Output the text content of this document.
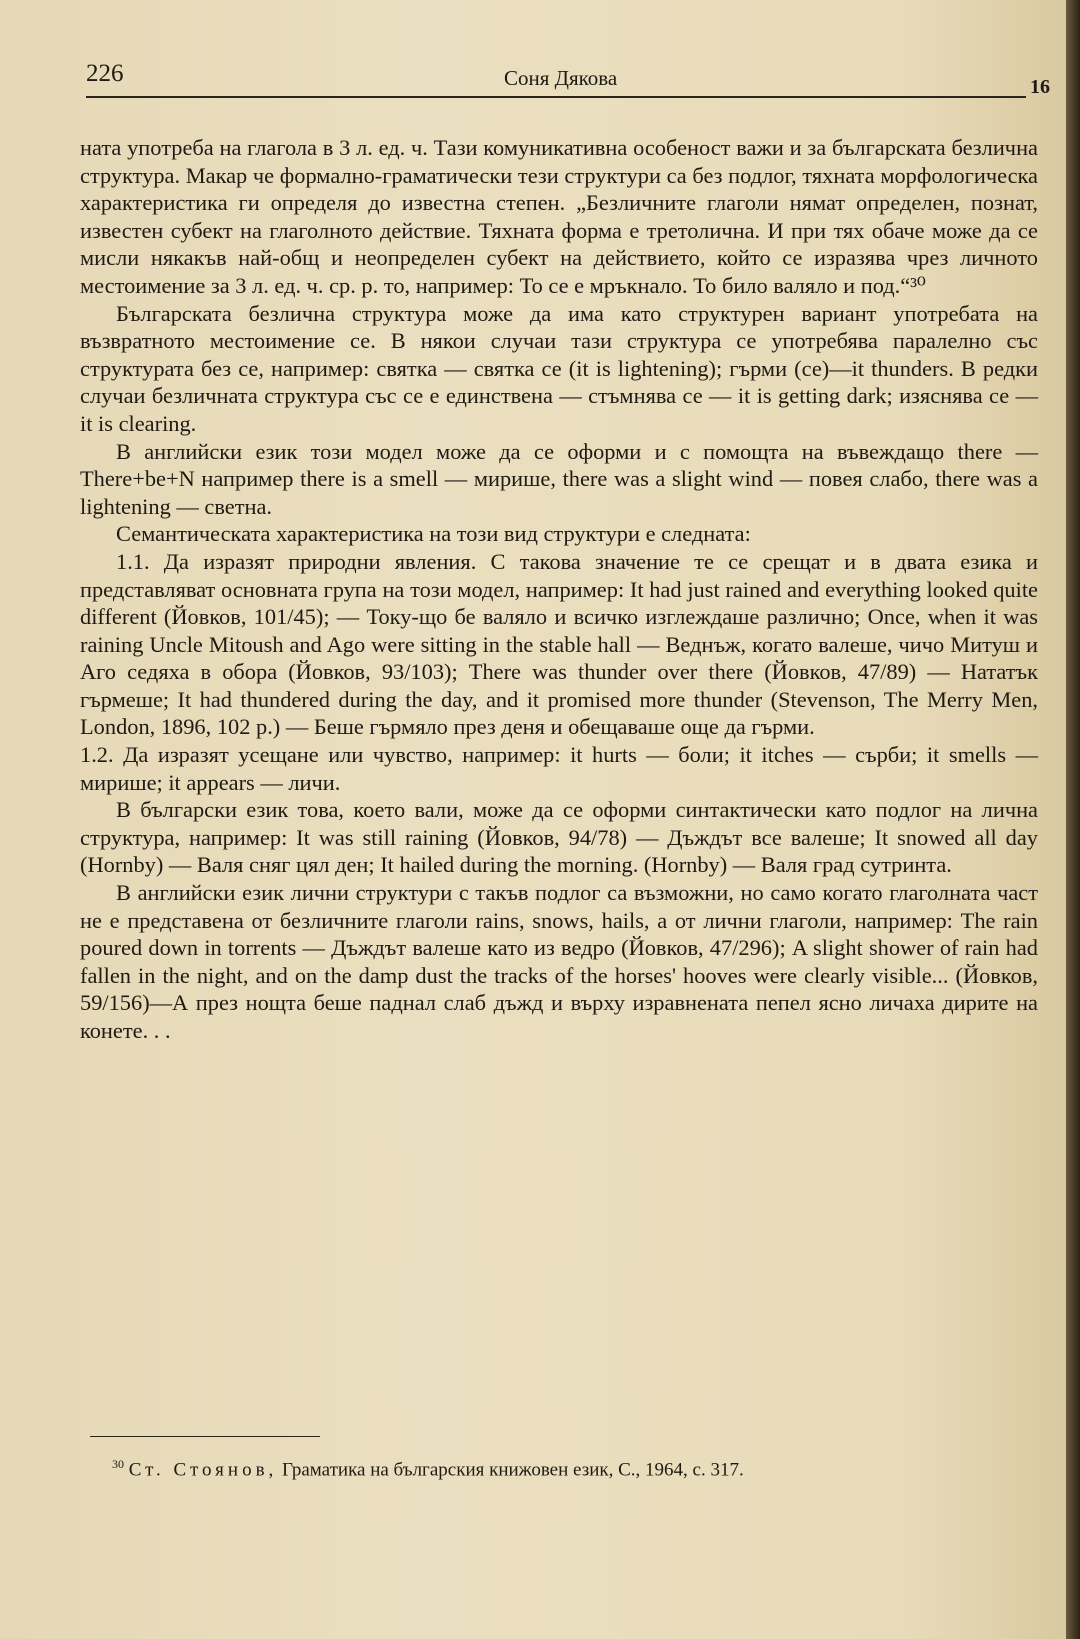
226	Соня Дякова	16

ната употреба на глагола в 3 л. ед. ч. Тази комуникативна особеност важи и за българската безлична структура. Макар че формално-граматически тези структури са без подлог, тяхната морфологическа характеристика ги определя до известна степен. „Безличните глаголи нямат определен, познат, известен субект на глаголното действие. Тяхната форма е третолична. И при тях обаче може да се мисли някакъв най-общ и неопределен субект на действието, който се изразява чрез личното местоимение за 3 л. ед. ч. ср. р. то, например: То се е мръкнало. То било валяло и под.“³⁰

Българската безлична структура може да има като структурен вариант употребата на възвратното местоимение се. В някои случаи тази структура се употребява паралелно със структурата без се, например: святка — святка се (it is lightening); гърми (се)—it thunders. В редки случаи безличната структура със се е единствена — стъмнява се — it is getting dark; изяснява се — it is clearing.

В английски език този модел може да се оформи и с помощта на въвеждащо there — There+be+N например there is a smell — мирише, there was a slight wind — повея слабо, there was a lightening — светна.

Семантическата характеристика на този вид структури е следната:

1.1. Да изразят природни явления. С такова значение те се срещат и в двата езика и представляват основната група на този модел, например: It had just rained and everything looked quite different (Йовков, 101/45); — Току-що бе валяло и всичко изглеждаше различно; Once, when it was raining Uncle Mitoush and Ago were sitting in the stable hall — Веднъж, когато валеше, чичо Митуш и Аго седяха в обора (Йовков, 93/103); There was thunder over there (Йовков, 47/89) — Нататък гърмеше; It had thundered during the day, and it promised more thunder (Stevenson, The Merry Men, London, 1896, 102 p.) — Беше гърмяло през деня и обещаваше още да гърми.

1.2. Да изразят усещане или чувство, например: it hurts — боли; it itches — сърби; it smells — мирише; it appears — личи.

В български език това, което вали, може да се оформи синтактически като подлог на лична структура, например: It was still raining (Йовков, 94/78) — Дъждът все валеше; It snowed all day (Hornby) — Валя сняг цял ден; It hailed during the morning. (Hornby) — Валя град сутринта.

В английски език лични структури с такъв подлог са възможни, но само когато глаголната част не е представена от безличните глаголи rains, snows, hails, а от лични глаголи, например: The rain poured down in torrents — Дъждът валеше като из ведро (Йовков, 47/296); A slight shower of rain had fallen in the night, and on the damp dust the tracks of the horses' hooves were clearly visible... (Йовков, 59/156)—А през нощта беше паднал слаб дъжд и върху изравнената пепел ясно личаха дирите на конете. . .

$^{30}$ Ст. Стоянов, Граматика на българския книжовен език, С., 1964, с. 317.
